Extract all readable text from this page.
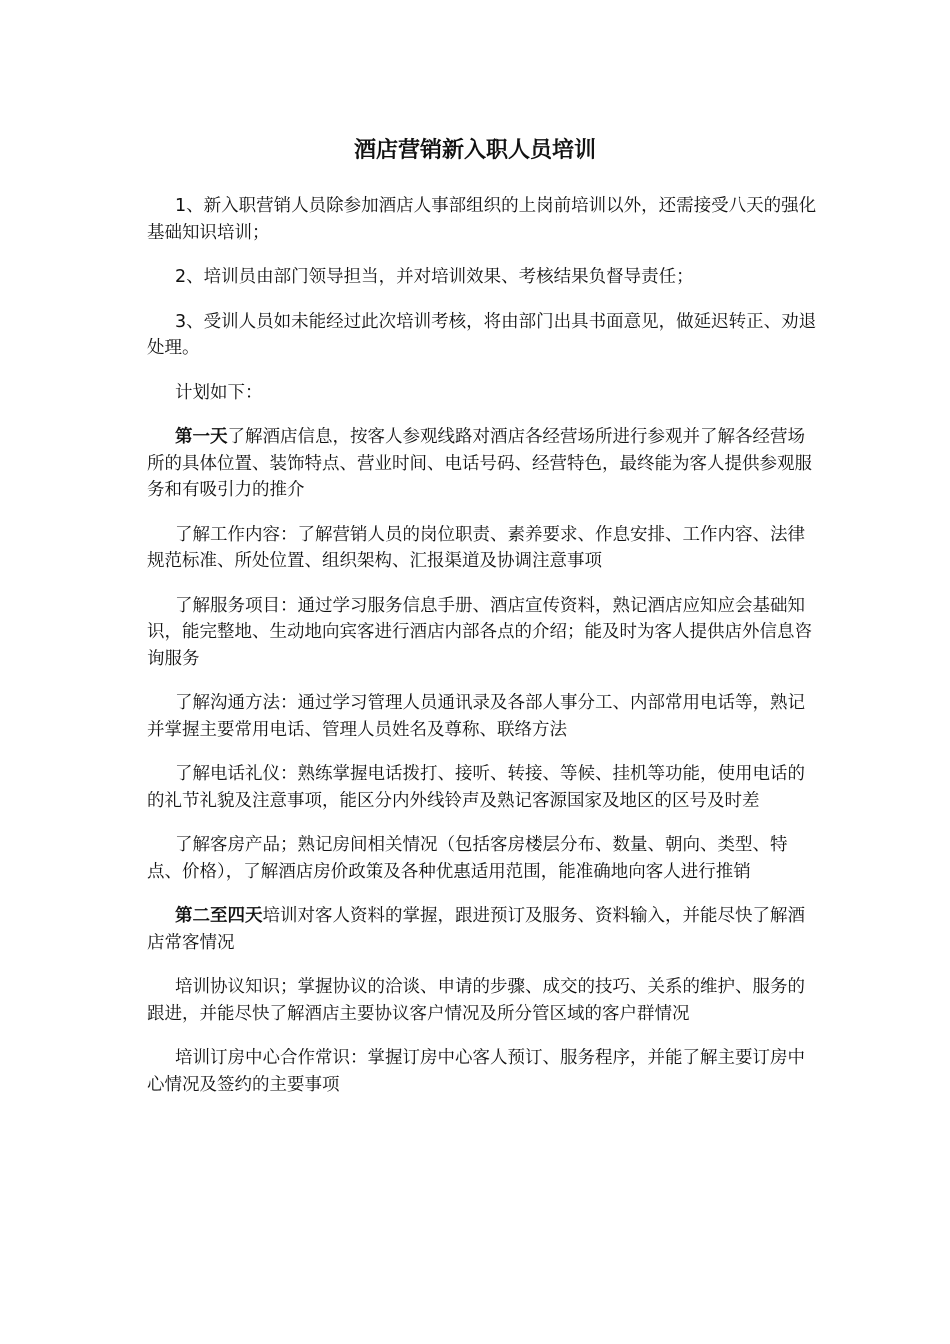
酒店营销新入职人员培训

1、新入职营销人员除参加酒店人事部组织的上岗前培训以外，还需接受八天的强化基础知识培训；

2、培训员由部门领导担当，并对培训效果、考核结果负督导责任；

3、受训人员如未能经过此次培训考核，将由部门出具书面意见，做延迟转正、劝退处理。

计划如下：

第一天了解酒店信息，按客人参观线路对酒店各经营场所进行参观并了解各经营场所的具体位置、装饰特点、营业时间、电话号码、经营特色，最终能为客人提供参观服务和有吸引力的推介

了解工作内容：了解营销人员的岗位职责、素养要求、作息安排、工作内容、法律规范标准、所处位置、组织架构、汇报渠道及协调注意事项

了解服务项目：通过学习服务信息手册、酒店宣传资料，熟记酒店应知应会基础知识，能完整地、生动地向宾客进行酒店内部各点的介绍；能及时为客人提供店外信息咨询服务

了解沟通方法：通过学习管理人员通讯录及各部人事分工、内部常用电话等，熟记并掌握主要常用电话、管理人员姓名及尊称、联络方法

了解电话礼仪：熟练掌握电话拨打、接听、转接、等候、挂机等功能，使用电话的的礼节礼貌及注意事项，能区分内外线铃声及熟记客源国家及地区的区号及时差

了解客房产品；熟记房间相关情况（包括客房楼层分布、数量、朝向、类型、特点、价格），了解酒店房价政策及各种优惠适用范围，能准确地向客人进行推销

第二至四天培训对客人资料的掌握，跟进预订及服务、资料输入，并能尽快了解酒店常客情况

培训协议知识；掌握协议的洽谈、申请的步骤、成交的技巧、关系的维护、服务的跟进，并能尽快了解酒店主要协议客户情况及所分管区域的客户群情况

培训订房中心合作常识：掌握订房中心客人预订、服务程序，并能了解主要订房中心情况及签约的主要事项
